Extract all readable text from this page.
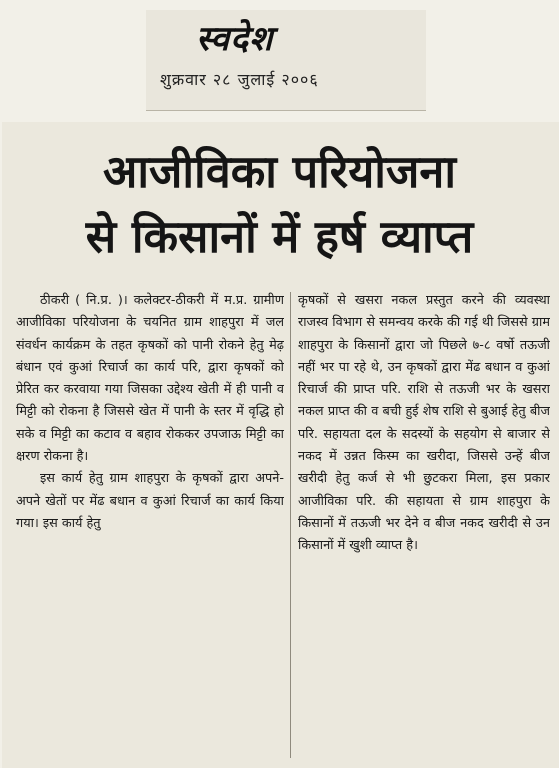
स्वदेश
शुक्रवार २८ जुलाई २००६
आजीविका परियोजना
से किसानों में हर्ष व्याप्त

ठीकरी ( नि.प्र. )। कलेक्टर-ठीकरी में म.प्र. ग्रामीण आजीविका परियोजना के चयनित ग्राम शाहपुरा में जल संवर्धन कार्यक्रम के तहत कृषकों को पानी रोकने हेतु मेढ़ बंधान एवं कुआं रिचार्ज का कार्य परि, द्वारा कृषकों को प्रेरित कर करवाया गया जिसका उद्देश्य खेती में ही पानी व मिट्टी को रोकना है जिससे खेत में पानी के स्तर में वृद्धि हो सके व मिट्टी का कटाव व बहाव रोककर उपजाऊ मिट्टी का क्षरण रोकना है।

इस कार्य हेतु ग्राम शाहपुरा के कृषकों द्वारा अपने-अपने खेतों पर मेंढ बधान व कुआं रिचार्ज का कार्य किया गया। इस कार्य हेतु

कृषकों से खसरा नकल प्रस्तुत करने की व्यवस्था राजस्व विभाग से समन्वय करके की गई थी जिससे ग्राम शाहपुरा के किसानों द्वारा जो पिछले ७-८ वर्षो तऊजी नहीं भर पा रहे थे, उन कृषकों द्वारा मेंढ बधान व कुआं रिचार्ज की प्राप्त परि. राशि से तऊजी भर के खसरा नकल प्राप्त की व बची हुई शेष राशि से बुआई हेतु बीज परि. सहायता दल के सदस्यों के सहयोग से बाजार से नकद में उन्नत किस्म का खरीदा, जिससे उन्हें बीज खरीदी हेतु कर्ज से भी छुटकरा मिला, इस प्रकार आजीविका परि. की सहायता से ग्राम शाहपुरा के किसानों में तऊजी भर देने व बीज नकद खरीदी से उन किसानों में खुशी व्याप्त है।
